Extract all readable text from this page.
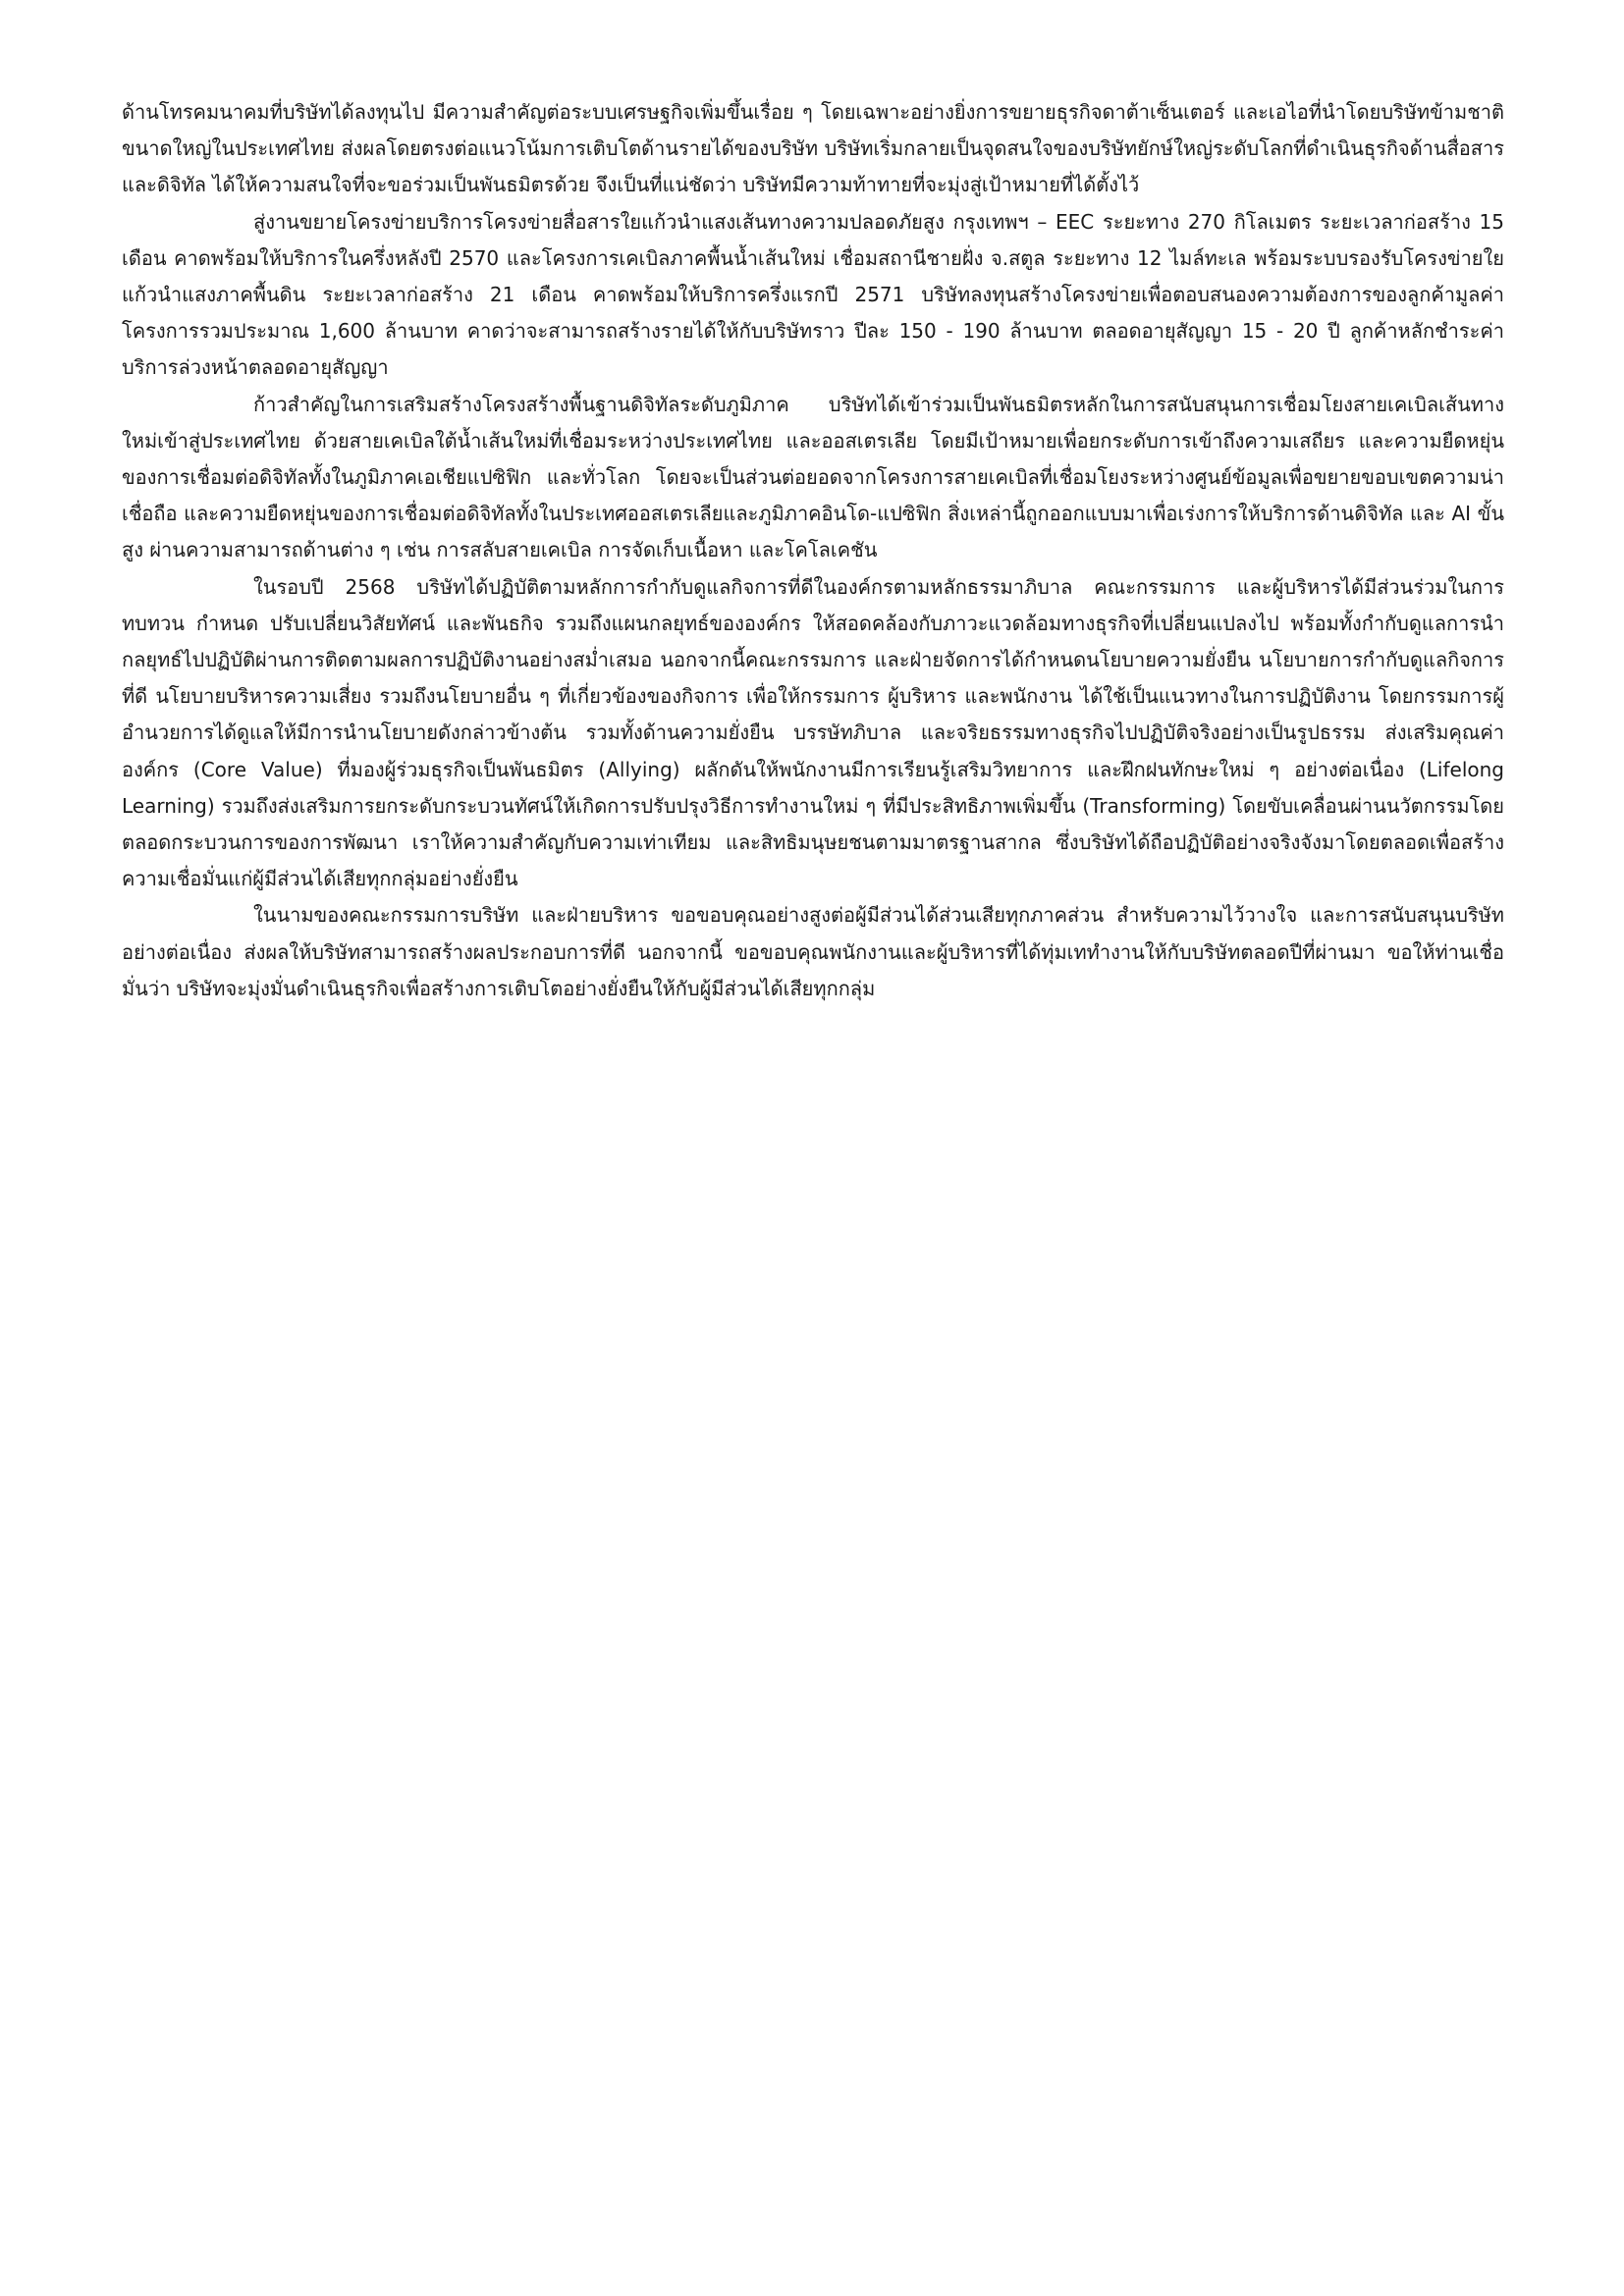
ด้านโทรคมนาคมที่บริษัทได้ลงทุนไป มีความสำคัญต่อระบบเศรษฐกิจเพิ่มขึ้นเรื่อย ๆ โดยเฉพาะอย่างยิ่งการขยายธุรกิจดาต้าเซ็นเตอร์ และเอไอที่นำโดยบริษัทข้ามชาติขนาดใหญ่ในประเทศไทย ส่งผลโดยตรงต่อแนวโน้มการเติบโตด้านรายได้ของบริษัท บริษัทเริ่มกลายเป็นจุดสนใจของบริษัทยักษ์ใหญ่ระดับโลกที่ดำเนินธุรกิจด้านสื่อสาร และดิจิทัล ได้ให้ความสนใจที่จะขอร่วมเป็นพันธมิตรด้วย จึงเป็นที่แน่ชัดว่า บริษัทมีความท้าทายที่จะมุ่งสู่เป้าหมายที่ได้ตั้งไว้

สู่งานขยายโครงข่ายบริการโครงข่ายสื่อสารใยแก้วนำแสงเส้นทางความปลอดภัยสูง กรุงเทพฯ – EEC ระยะทาง 270 กิโลเมตร ระยะเวลาก่อสร้าง 15 เดือน คาดพร้อมให้บริการในครึ่งหลังปี 2570 และโครงการเคเบิลภาคพื้นน้ำเส้นใหม่ เชื่อมสถานีชายฝั่ง จ.สตูล ระยะทาง 12 ไมล์ทะเล พร้อมระบบรองรับโครงข่ายใยแก้วนำแสงภาคพื้นดิน ระยะเวลาก่อสร้าง 21 เดือน คาดพร้อมให้บริการครึ่งแรกปี 2571 บริษัทลงทุนสร้างโครงข่ายเพื่อตอบสนองความต้องการของลูกค้ามูลค่าโครงการรวมประมาณ 1,600 ล้านบาท คาดว่าจะสามารถสร้างรายได้ให้กับบริษัทราว ปีละ 150 - 190 ล้านบาท ตลอดอายุสัญญา 15 - 20 ปี ลูกค้าหลักชำระค่าบริการล่วงหน้าตลอดอายุสัญญา

ก้าวสำคัญในการเสริมสร้างโครงสร้างพื้นฐานดิจิทัลระดับภูมิภาค บริษัทได้เข้าร่วมเป็นพันธมิตรหลักในการสนับสนุนการเชื่อมโยงสายเคเบิลเส้นทางใหม่เข้าสู่ประเทศไทย ด้วยสายเคเบิลใต้น้ำเส้นใหม่ที่เชื่อมระหว่างประเทศไทย และออสเตรเลีย โดยมีเป้าหมายเพื่อยกระดับการเข้าถึงความเสถียร และความยืดหยุ่นของการเชื่อมต่อดิจิทัลทั้งในภูมิภาคเอเชียแปซิฟิก และทั่วโลก โดยจะเป็นส่วนต่อยอดจากโครงการสายเคเบิลที่เชื่อมโยงระหว่างศูนย์ข้อมูลเพื่อขยายขอบเขตความน่าเชื่อถือ และความยืดหยุ่นของการเชื่อมต่อดิจิทัลทั้งในประเทศออสเตรเลียและภูมิภาคอินโด-แปซิฟิก สิ่งเหล่านี้ถูกออกแบบมาเพื่อเร่งการให้บริการด้านดิจิทัล และ AI ขั้นสูง ผ่านความสามารถด้านต่าง ๆ เช่น การสลับสายเคเบิล การจัดเก็บเนื้อหา และโคโลเคชัน

ในรอบปี 2568 บริษัทได้ปฏิบัติตามหลักการกำกับดูแลกิจการที่ดีในองค์กรตามหลักธรรมาภิบาล คณะกรรมการ และผู้บริหารได้มีส่วนร่วมในการทบทวน กำหนด ปรับเปลี่ยนวิสัยทัศน์ และพันธกิจ รวมถึงแผนกลยุทธ์ขององค์กร ให้สอดคล้องกับภาวะแวดล้อมทางธุรกิจที่เปลี่ยนแปลงไป พร้อมทั้งกำกับดูแลการนำกลยุทธ์ไปปฏิบัติผ่านการติดตามผลการปฏิบัติงานอย่างสม่ำเสมอ นอกจากนี้คณะกรรมการ และฝ่ายจัดการได้กำหนดนโยบายความยั่งยืน นโยบายการกำกับดูแลกิจการที่ดี นโยบายบริหารความเสี่ยง รวมถึงนโยบายอื่น ๆ ที่เกี่ยวข้องของกิจการ เพื่อให้กรรมการ ผู้บริหาร และพนักงาน ได้ใช้เป็นแนวทางในการปฏิบัติงาน โดยกรรมการผู้อำนวยการได้ดูแลให้มีการนำนโยบายดังกล่าวข้างต้น รวมทั้งด้านความยั่งยืน บรรษัทภิบาล และจริยธรรมทางธุรกิจไปปฏิบัติจริงอย่างเป็นรูปธรรม ส่งเสริมคุณค่าองค์กร (Core Value) ที่มองผู้ร่วมธุรกิจเป็นพันธมิตร (Allying) ผลักดันให้พนักงานมีการเรียนรู้เสริมวิทยาการ และฝึกฝนทักษะใหม่ ๆ อย่างต่อเนื่อง (Lifelong Learning) รวมถึงส่งเสริมการยกระดับกระบวนทัศน์ให้เกิดการปรับปรุงวิธีการทำงานใหม่ ๆ ที่มีประสิทธิภาพเพิ่มขึ้น (Transforming) โดยขับเคลื่อนผ่านนวัตกรรมโดยตลอดกระบวนการของการพัฒนา เราให้ความสำคัญกับความเท่าเทียม และสิทธิมนุษยชนตามมาตรฐานสากล ซึ่งบริษัทได้ถือปฏิบัติอย่างจริงจังมาโดยตลอดเพื่อสร้างความเชื่อมั่นแก่ผู้มีส่วนได้เสียทุกกลุ่มอย่างยั่งยืน

ในนามของคณะกรรมการบริษัท และฝ่ายบริหาร ขอขอบคุณอย่างสูงต่อผู้มีส่วนได้ส่วนเสียทุกภาคส่วน สำหรับความไว้วางใจ และการสนับสนุนบริษัทอย่างต่อเนื่อง ส่งผลให้บริษัทสามารถสร้างผลประกอบการที่ดี นอกจากนี้ ขอขอบคุณพนักงานและผู้บริหารที่ได้ทุ่มเททำงานให้กับบริษัทตลอดปีที่ผ่านมา ขอให้ท่านเชื่อมั่นว่า บริษัทจะมุ่งมั่นดำเนินธุรกิจเพื่อสร้างการเติบโตอย่างยั่งยืนให้กับผู้มีส่วนได้เสียทุกกลุ่ม
